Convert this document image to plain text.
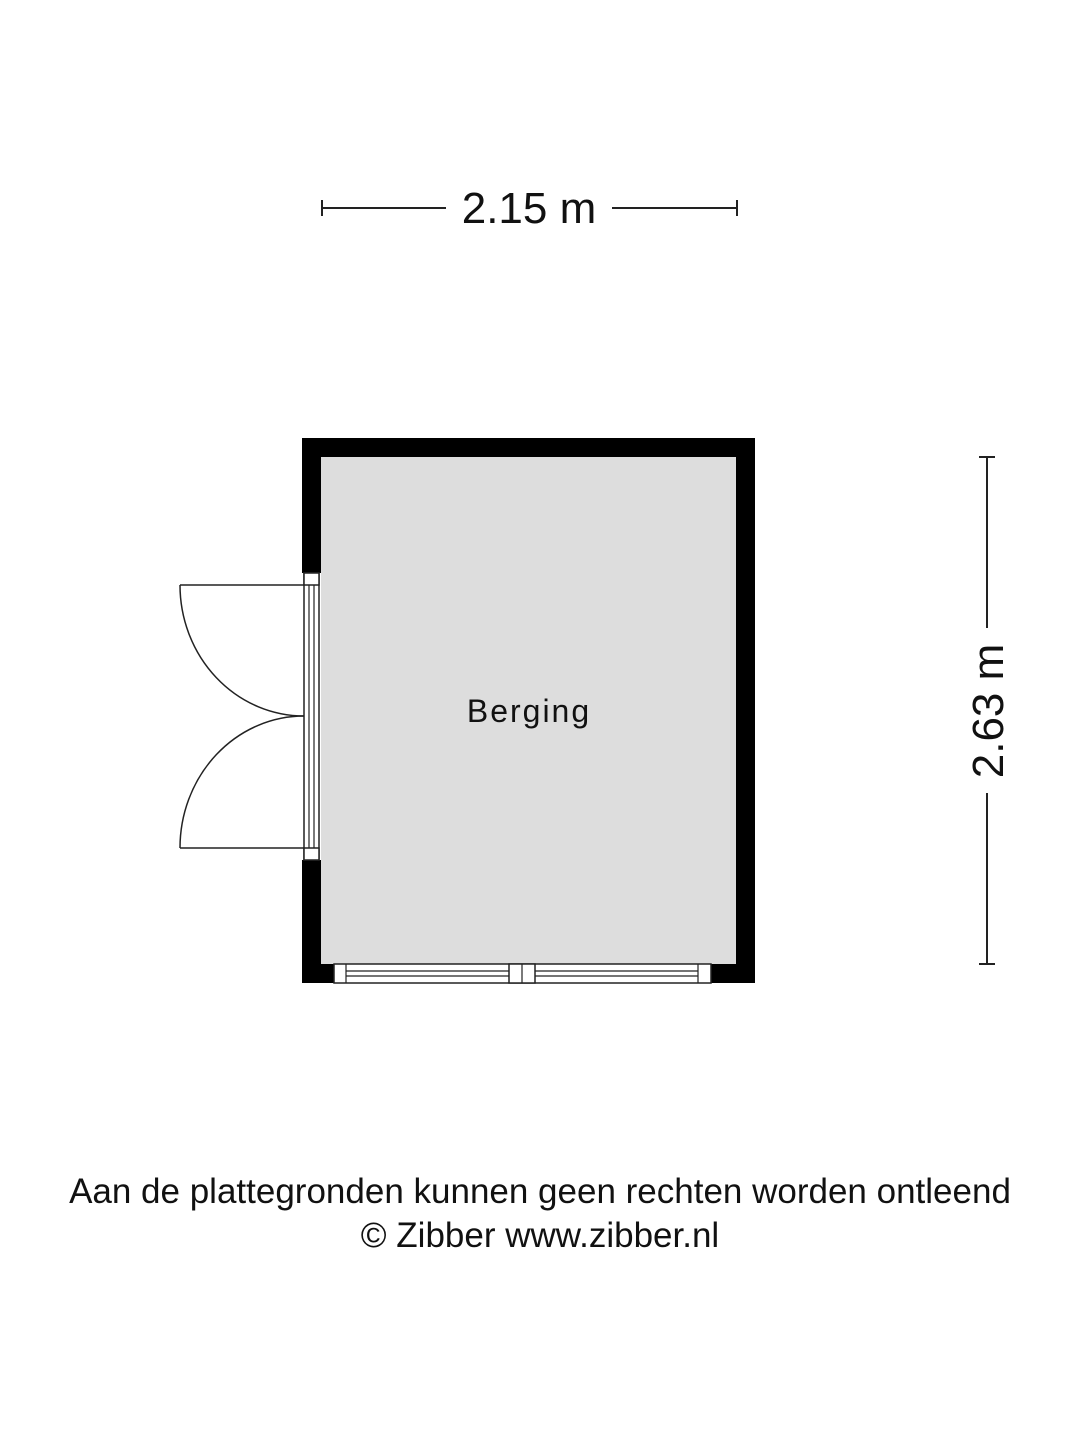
2.15 m
2.63 m
Berging
Aan de plattegronden kunnen geen rechten worden ontleend
© Zibber www.zibber.nl
